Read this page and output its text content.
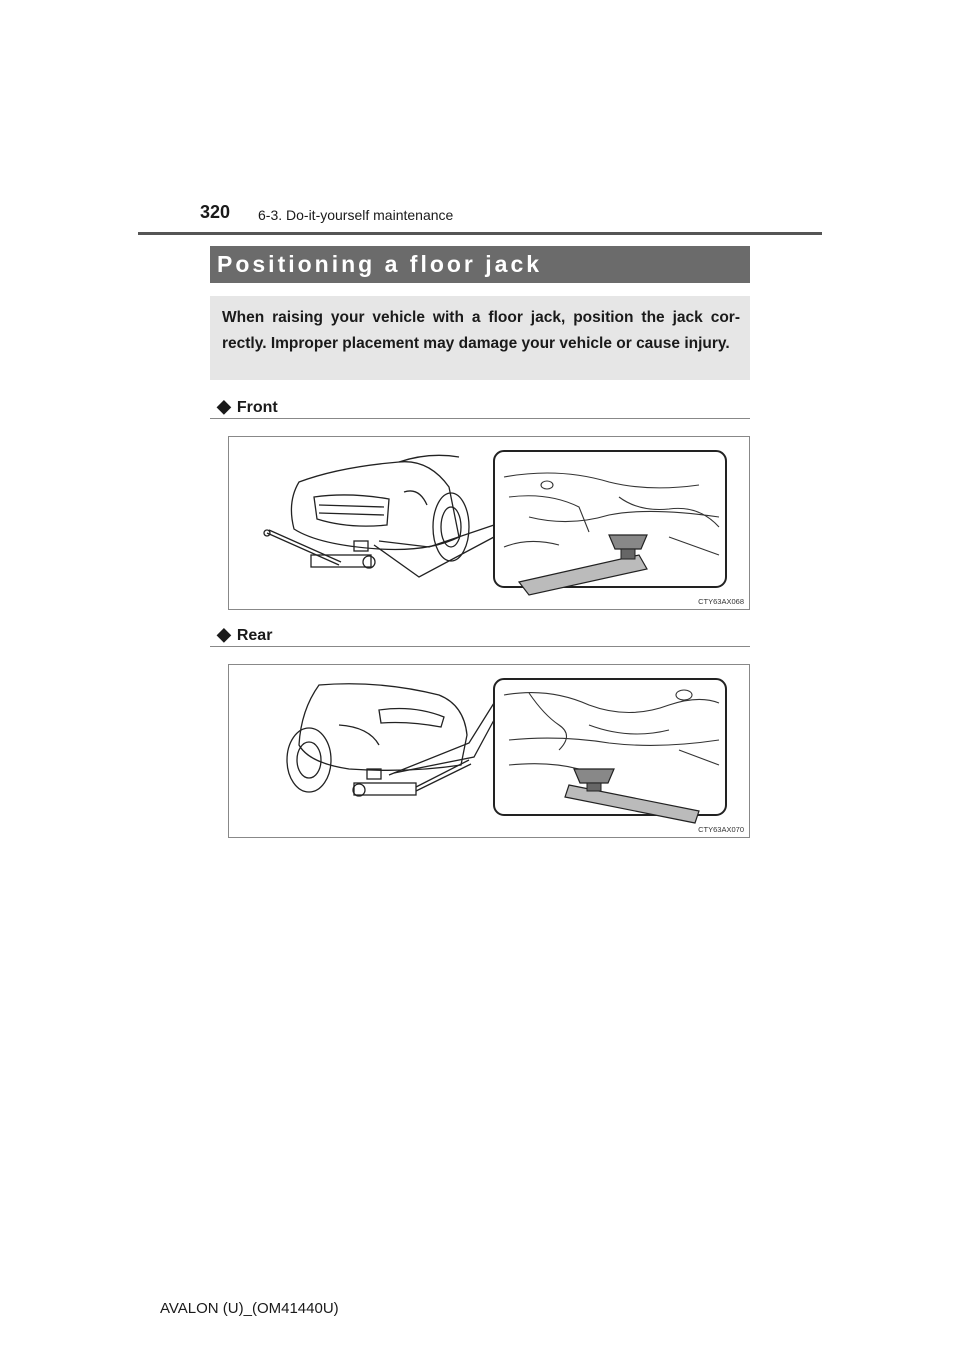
320 6-3. Do-it-yourself maintenance
Positioning a floor jack
When raising your vehicle with a floor jack, position the jack cor-rectly. Improper placement may damage your vehicle or cause injury.
◆ Front
CTY63AX068
◆ Rear
CTY63AX070
AVALON (U)_(OM41440U)
